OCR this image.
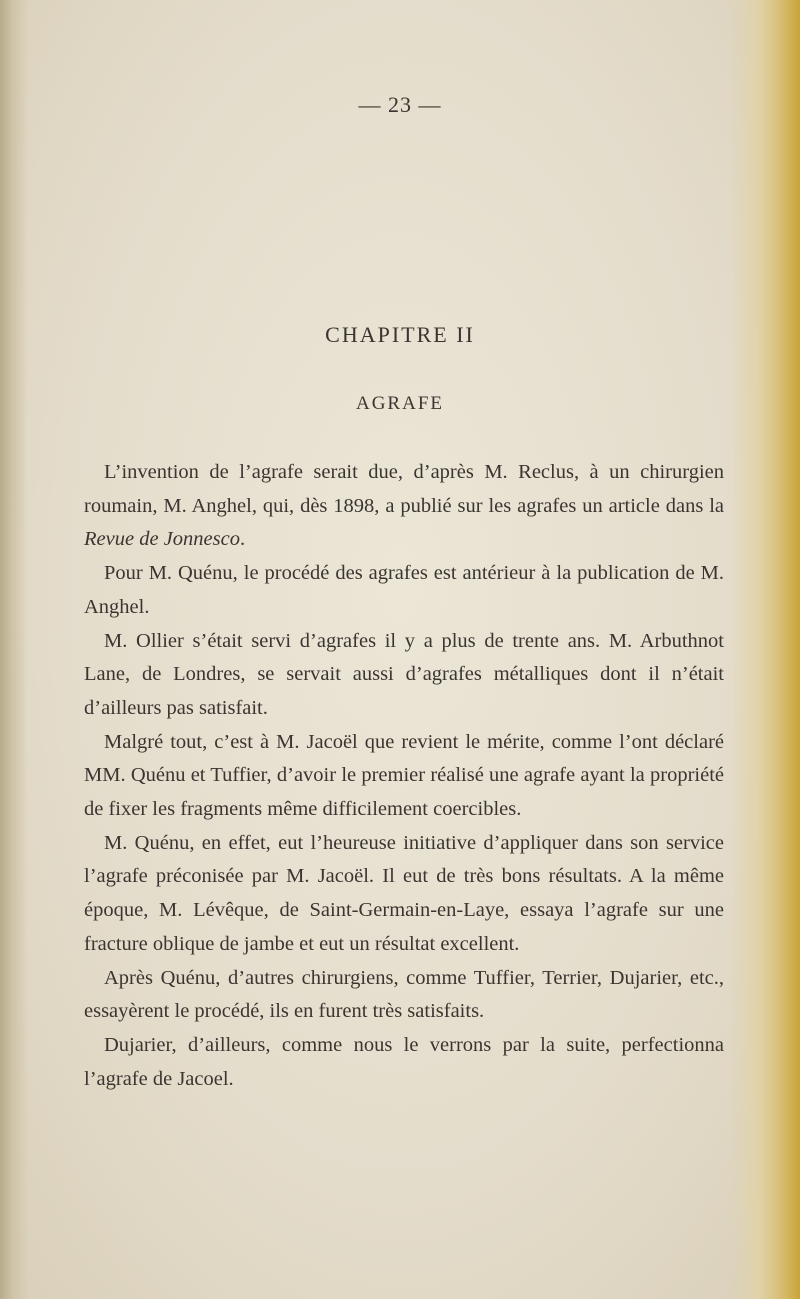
— 23 —
CHAPITRE II
AGRAFE

L’invention de l’agrafe serait due, d’après M. Reclus, à un chirurgien roumain, M. Anghel, qui, dès 1898, a publié sur les agrafes un article dans la Revue de Jonnesco.

Pour M. Quénu, le procédé des agrafes est antérieur à la publication de M. Anghel.

M. Ollier s’était servi d’agrafes il y a plus de trente ans. M. Arbuthnot Lane, de Londres, se servait aussi d’agrafes métalliques dont il n’était d’ailleurs pas satisfait.

Malgré tout, c’est à M. Jacoël que revient le mérite, comme l’ont déclaré MM. Quénu et Tuffier, d’avoir le premier réalisé une agrafe ayant la propriété de fixer les fragments même difficilement coercibles.

M. Quénu, en effet, eut l’heureuse initiative d’appliquer dans son service l’agrafe préconisée par M. Jacoël. Il eut de très bons résultats. A la même époque, M. Lévêque, de Saint-Germain-en-Laye, essaya l’agrafe sur une fracture oblique de jambe et eut un résultat excellent.

Après Quénu, d’autres chirurgiens, comme Tuffier, Terrier, Dujarier, etc., essayèrent le procédé, ils en furent très satisfaits.

Dujarier, d’ailleurs, comme nous le verrons par la suite, perfectionna l’agrafe de Jacoel.
